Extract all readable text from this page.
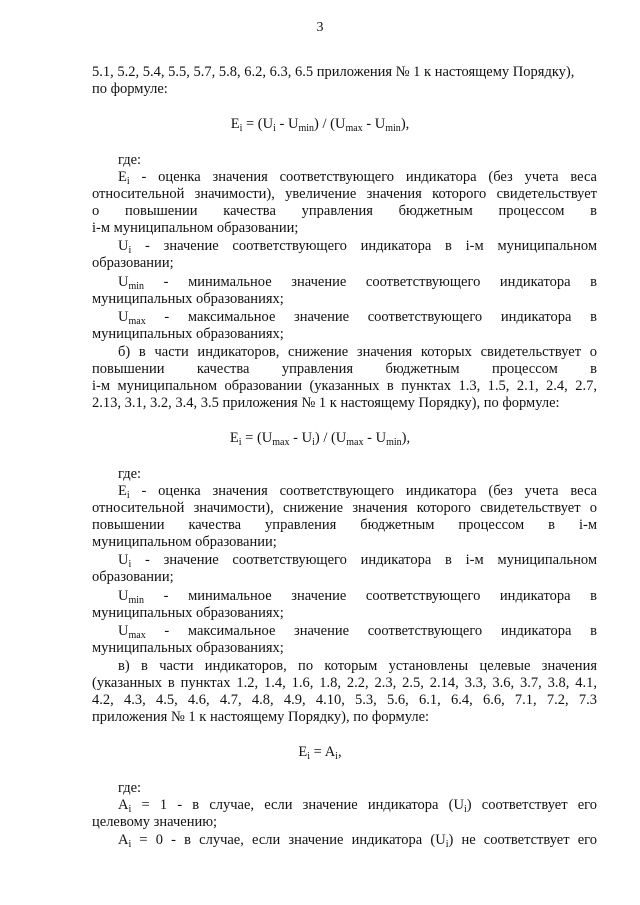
3
5.1, 5.2, 5.4, 5.5, 5.7, 5.8, 6.2, 6.3, 6.5 приложения № 1 к настоящему Порядку),
по формуле:
$E_i = (U_i - U_{min}) / (U_{max} - U_{min})$,
где:
$E_i$ - оценка значения соответствующего индикатора (без учета веса
относительной значимости), увеличение значения которого свидетельствует
о повышении качества управления бюджетным процессом в
i-м муниципальном образовании;
$U_i$ - значение соответствующего индикатора в i-м муниципальном
образовании;
$U_{min}$ - минимальное значение соответствующего индикатора в
муниципальных образованиях;
$U_{max}$ - максимальное значение соответствующего индикатора в
муниципальных образованиях;
б) в части индикаторов, снижение значения которых свидетельствует о
повышении качества управления бюджетным процессом в
i-м муниципальном образовании (указанных в пунктах 1.3, 1.5, 2.1, 2.4, 2.7,
2.13, 3.1, 3.2, 3.4, 3.5 приложения № 1 к настоящему Порядку), по формуле:
$E_i = (U_{max} - U_i) / (U_{max} - U_{min})$,
где:
$E_i$ - оценка значения соответствующего индикатора (без учета веса
относительной значимости), снижение значения которого свидетельствует о
повышении качества управления бюджетным процессом в i-м
муниципальном образовании;
$U_i$ - значение соответствующего индикатора в i-м муниципальном
образовании;
$U_{min}$ - минимальное значение соответствующего индикатора в
муниципальных образованиях;
$U_{max}$ - максимальное значение соответствующего индикатора в
муниципальных образованиях;
в) в части индикаторов, по которым установлены целевые значения
(указанных в пунктах 1.2, 1.4, 1.6, 1.8, 2.2, 2.3, 2.5, 2.14, 3.3, 3.6, 3.7, 3.8, 4.1,
4.2, 4.3, 4.5, 4.6, 4.7, 4.8, 4.9, 4.10, 5.3, 5.6, 6.1, 6.4, 6.6, 7.1, 7.2, 7.3
приложения № 1 к настоящему Порядку), по формуле:
$E_i = A_i$,
где:
$A_i = 1 - в$ случае, если значение индикатора $(U_i)$ соответствует его
целевому значению;
$A_i = 0 - в$ случае, если значение индикатора $(U_i)$ не соответствует его
